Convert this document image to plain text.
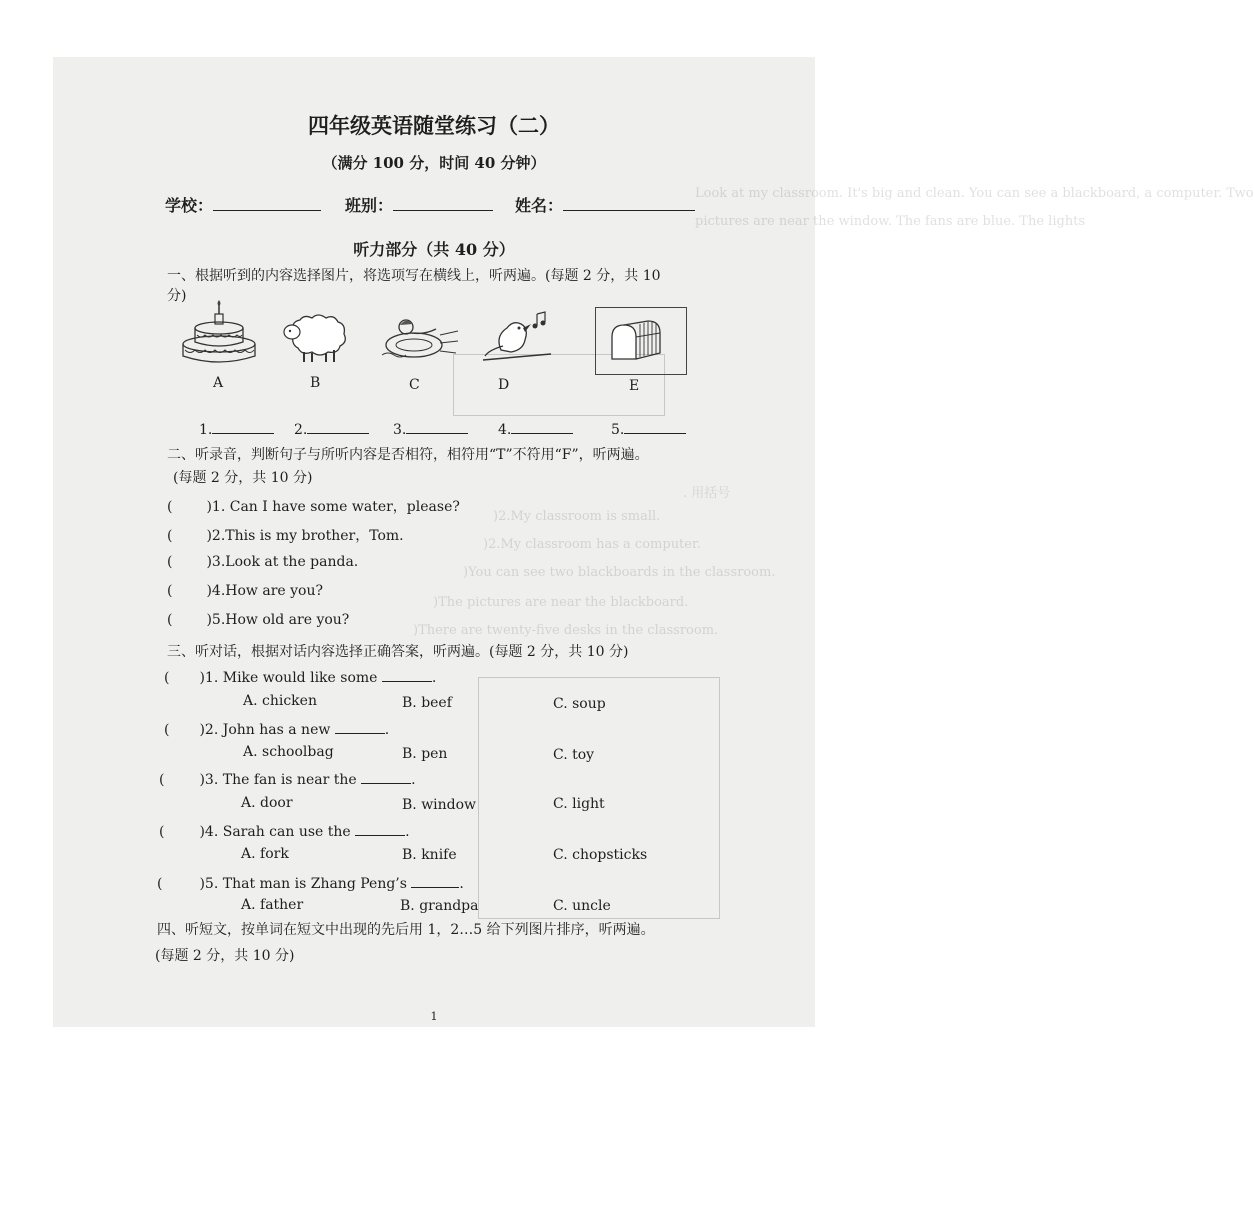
Look at my classroom. It's big and clean. You can see a blackboard, a computer. Two
pictures are near the window. The fans are blue. The lights
)2.My classroom is small.
)2.My classroom has a computer.
)You can see two blackboards in the classroom.
)The pictures are near the blackboard.
)There are twenty-five desks in the classroom.
. 用括号
四年级英语随堂练习（二）
（满分 100 分，时间 40 分钟）
学校：	班别：	姓名：
听力部分（共 40 分）
一、根据听到的内容选择图片，将选项写在横线上，听两遍。(每题 2 分，共 10
分)
A	B	C	D	E
1.	2.	3.	4.	5.
二、听录音，判断句子与所听内容是否相符，相符用“T”不符用“F”，听两遍。
(每题 2 分，共 10 分)
( )1. Can I have some water，please?
( )2.This is my brother，Tom.
( )3.Look at the panda.
( )4.How are you?
( )5.How old are you?
三、听对话，根据对话内容选择正确答案，听两遍。(每题 2 分，共 10 分)
( )1. Mike would like some	.
A. chicken	B. beef	C. soup
( )2. John has a new	.
A. schoolbag	B. pen	C. toy
(	)3. The fan is near the	.
A. door	B. window	C. light
(	)4. Sarah can use the	.
A. fork	B. knife	C. chopsticks
(	)5. That man is Zhang Peng’s	.
A. father	B. grandpa	C. uncle
四、听短文，按单词在短文中出现的先后用 1，2…5 给下列图片排序，听两遍。
(每题 2 分，共 10 分)
1
